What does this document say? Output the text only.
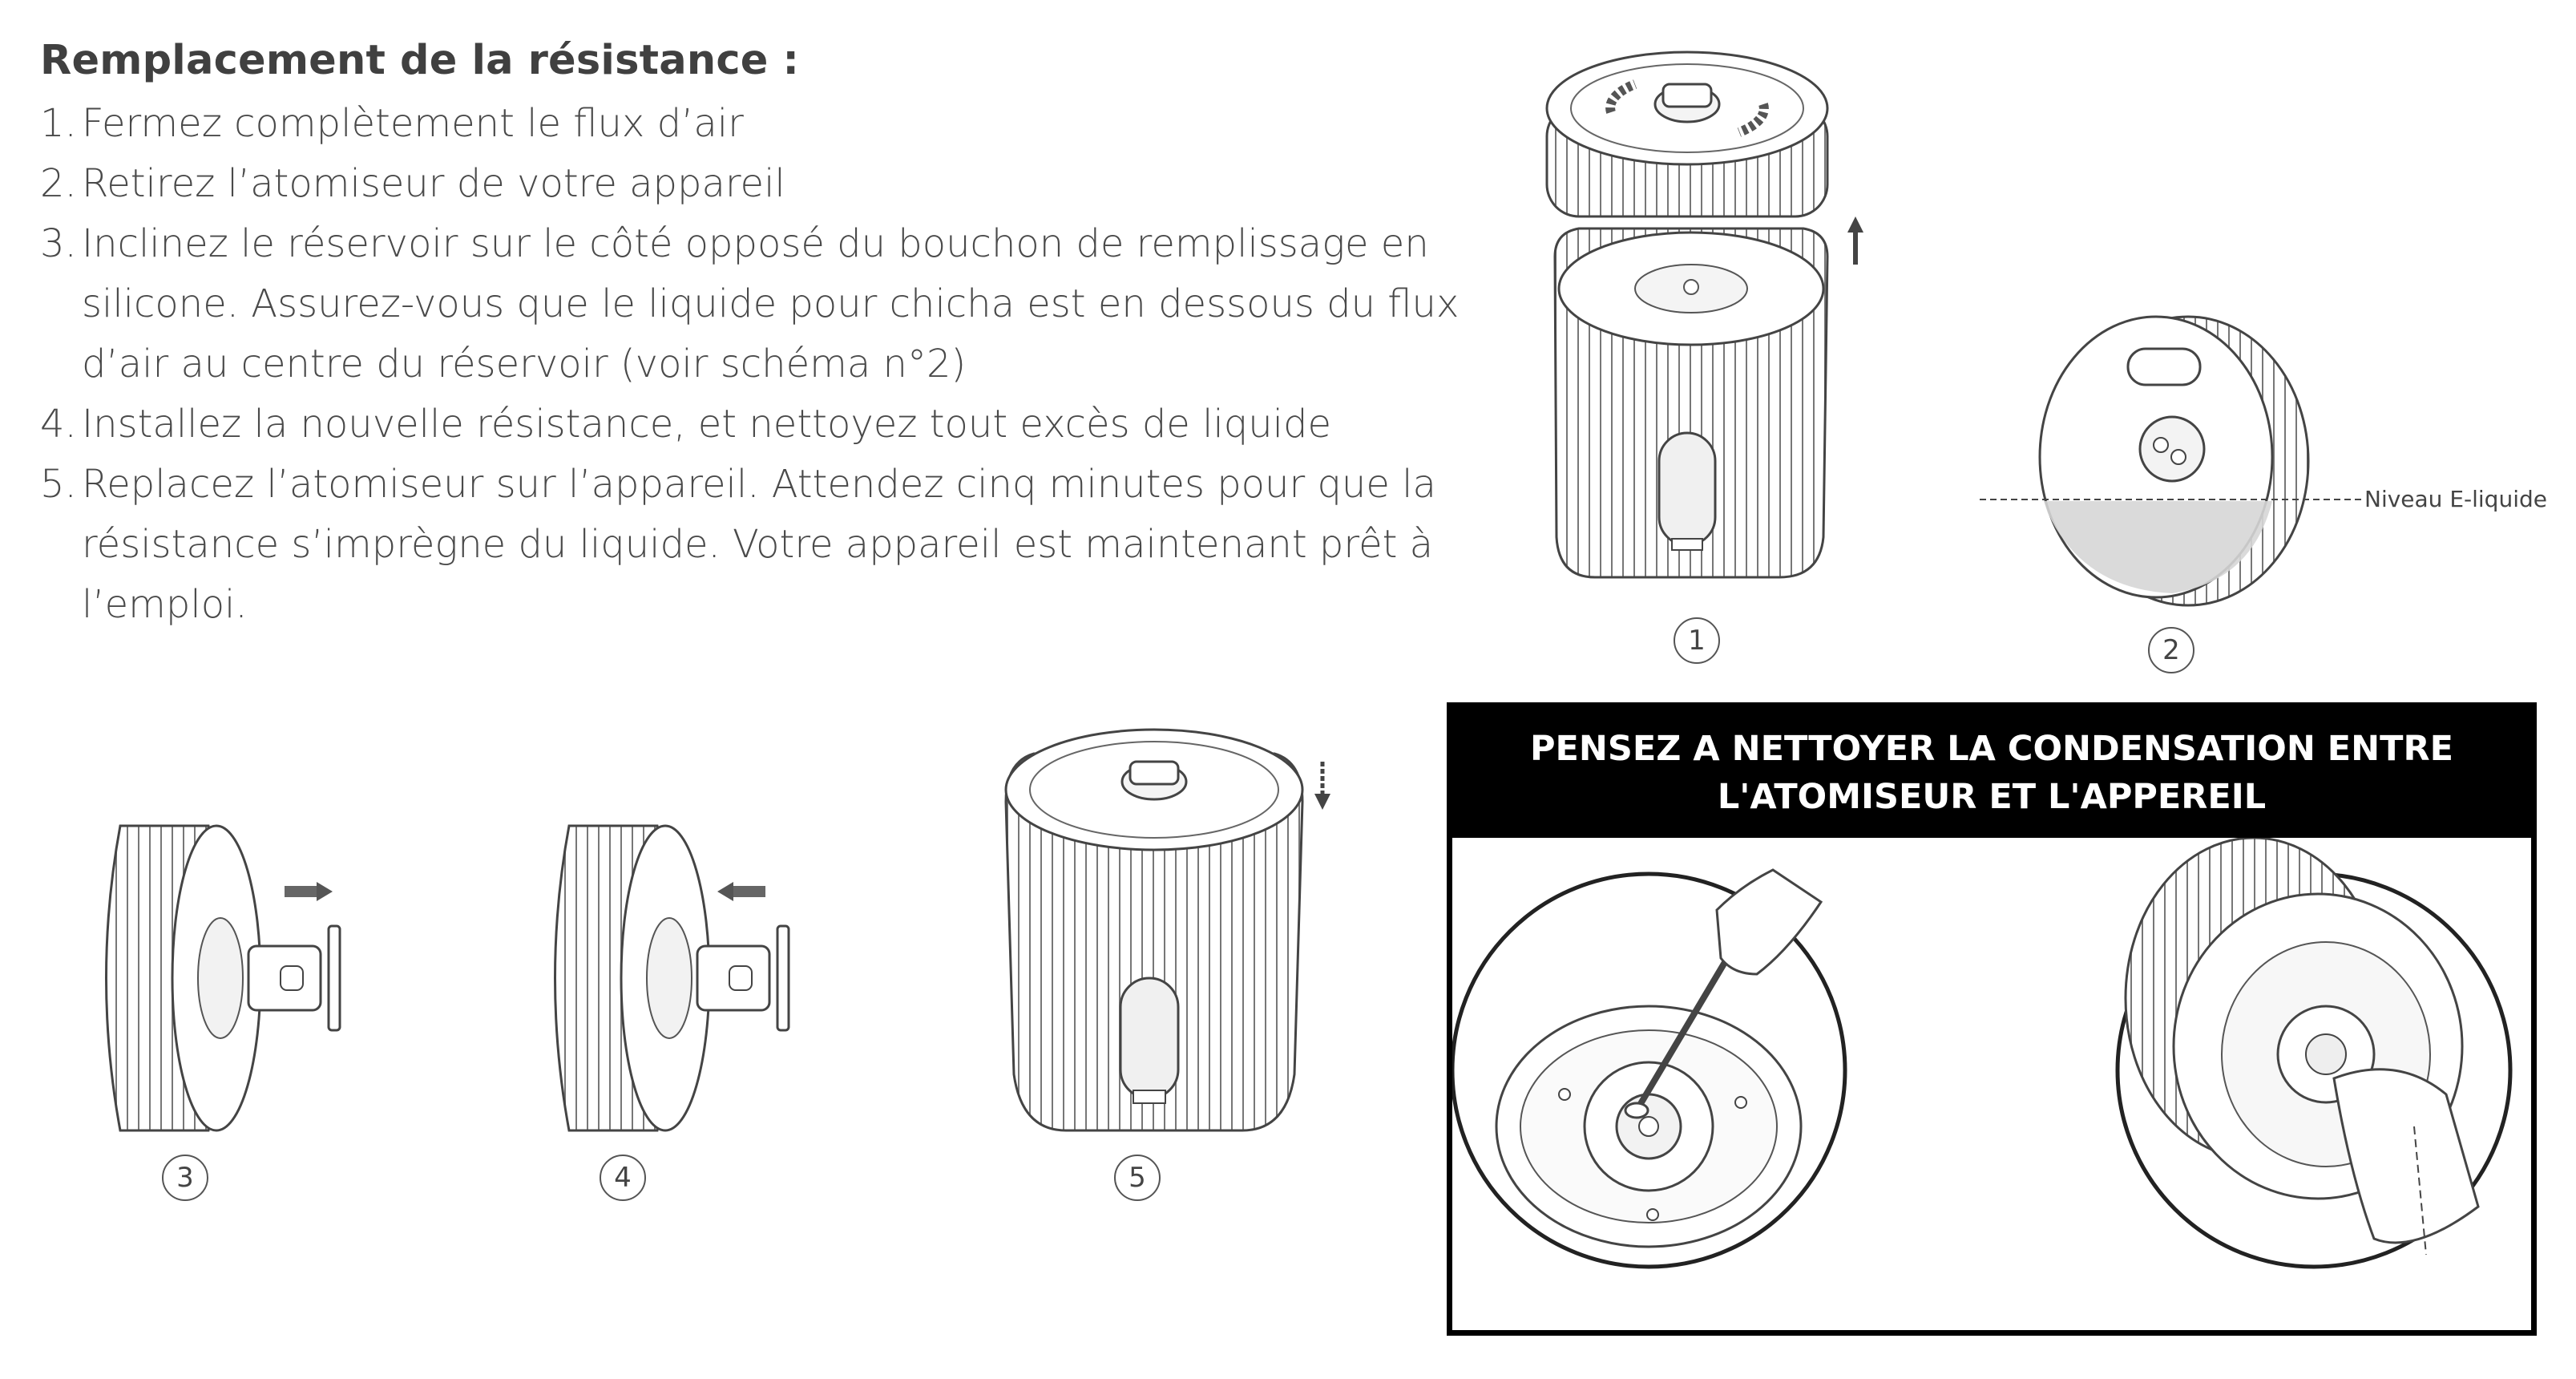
Remplacement de la résistance :
1. Fermez complètement le flux d’air
2. Retirez l’atomiseur de votre appareil
3. Inclinez le réservoir sur le côté opposé du bouchon de remplissage en silicone. Assurez-vous que le liquide pour chicha est en dessous du flux d’air au centre du réservoir (voir schéma n°2)
4. Installez la nouvelle résistance, et nettoyez tout excès de liquide
5. Replacez l’atomiseur sur l’appareil. Attendez cinq minutes pour que la résistance s’imprègne du liquide. Votre appareil est maintenant prêt à l’emploi.
1	2
Niveau E-liquide
3	4	5
PENSEZ A NETTOYER LA CONDENSATION ENTRE L'ATOMISEUR ET L'APPEREIL
